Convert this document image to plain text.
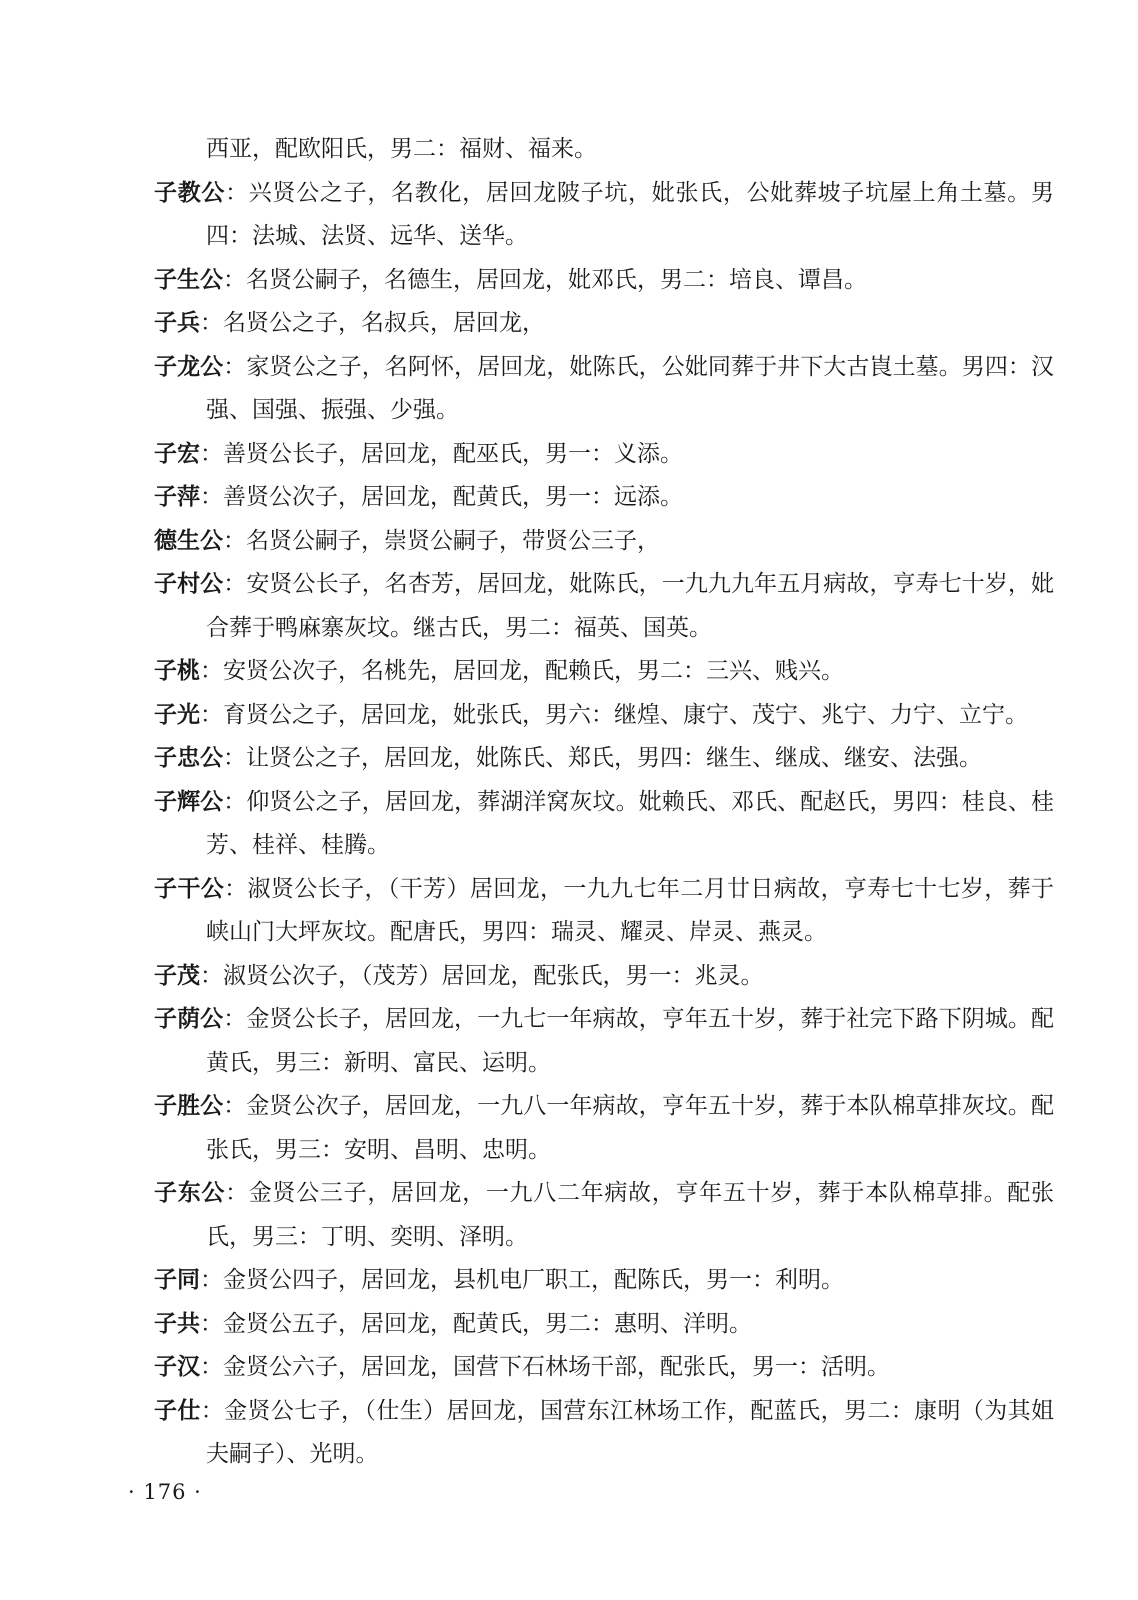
西亚，配欧阳氏，男二：福财、福来。
子教公：兴贤公之子，名教化，居回龙陂子坑，妣张氏，公妣葬坡子坑屋上角土墓。男四：法城、法贤、远华、送华。
子生公：名贤公嗣子，名德生，居回龙，妣邓氏，男二：培良、谭昌。
子兵：名贤公之子，名叔兵，居回龙，
子龙公：家贤公之子，名阿怀，居回龙，妣陈氏，公妣同葬于井下大古崀土墓。男四：汉强、国强、振强、少强。
子宏：善贤公长子，居回龙，配巫氏，男一：义添。
子萍：善贤公次子，居回龙，配黄氏，男一：远添。
德生公：名贤公嗣子，崇贤公嗣子，带贤公三子，
子村公：安贤公长子，名杏芳，居回龙，妣陈氏，一九九九年五月病故，亨寿七十岁，妣合葬于鸭麻寨灰坟。继古氏，男二：福英、国英。
子桃：安贤公次子，名桃先，居回龙，配赖氏，男二：三兴、贱兴。
子光：育贤公之子，居回龙，妣张氏，男六：继煌、康宁、茂宁、兆宁、力宁、立宁。
子忠公：让贤公之子，居回龙，妣陈氏、郑氏，男四：继生、继成、继安、法强。
子辉公：仰贤公之子，居回龙，葬湖洋窝灰坟。妣赖氏、邓氏、配赵氏，男四：桂良、桂芳、桂祥、桂腾。
子干公：淑贤公长子，（干芳）居回龙，一九九七年二月廿日病故，亨寿七十七岁，葬于峡山门大坪灰坟。配唐氏，男四：瑞灵、耀灵、岸灵、燕灵。
子茂：淑贤公次子，（茂芳）居回龙，配张氏，男一：兆灵。
子荫公：金贤公长子，居回龙，一九七一年病故，亨年五十岁，葬于社完下路下阴城。配黄氏，男三：新明、富民、运明。
子胜公：金贤公次子，居回龙，一九八一年病故，亨年五十岁，葬于本队棉草排灰坟。配张氏，男三：安明、昌明、忠明。
子东公：金贤公三子，居回龙，一九八二年病故，亨年五十岁，葬于本队棉草排。配张氏，男三：丁明、奕明、泽明。
子同：金贤公四子，居回龙，县机电厂职工，配陈氏，男一：利明。
子共：金贤公五子，居回龙，配黄氏，男二：惠明、洋明。
子汉：金贤公六子，居回龙，国营下石林场干部，配张氏，男一：活明。
子仕：金贤公七子，（仕生）居回龙，国营东江林场工作，配蓝氏，男二：康明（为其姐夫嗣子）、光明。
· 176 ·
